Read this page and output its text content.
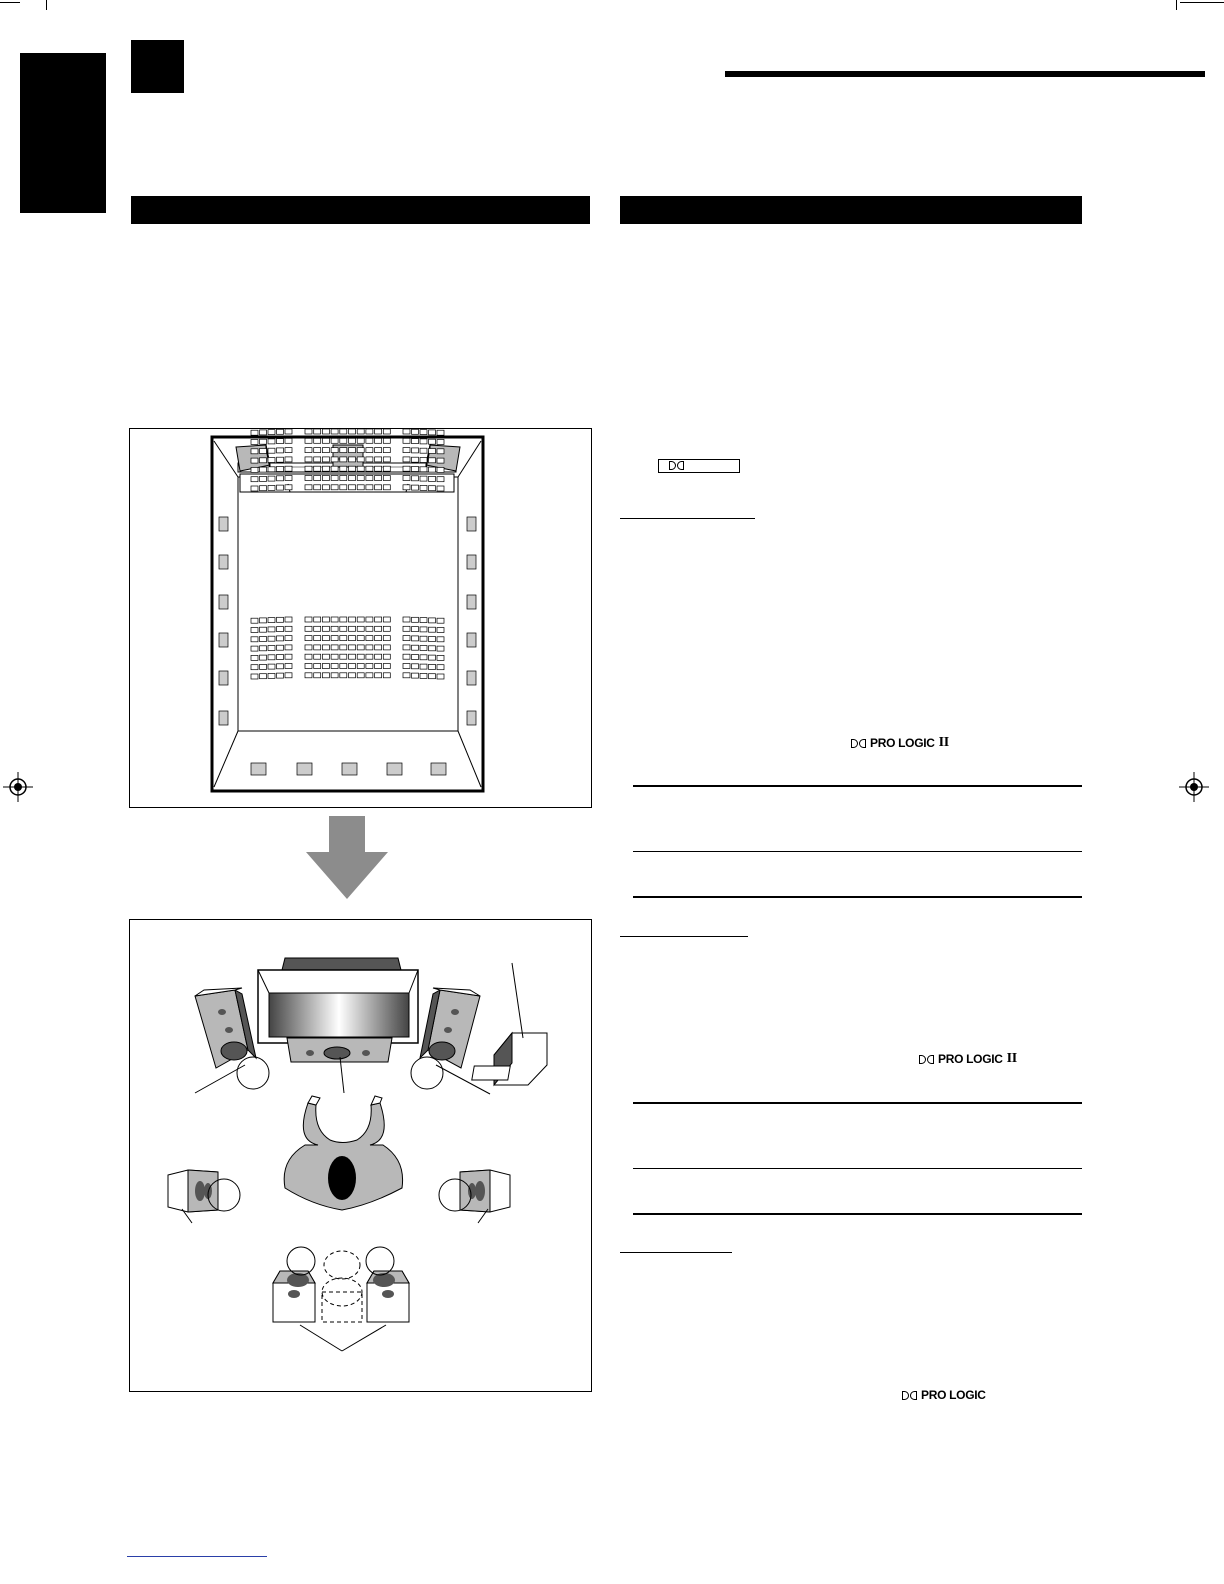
PRO LOGIC II
PRO LOGIC II
PRO LOGIC
